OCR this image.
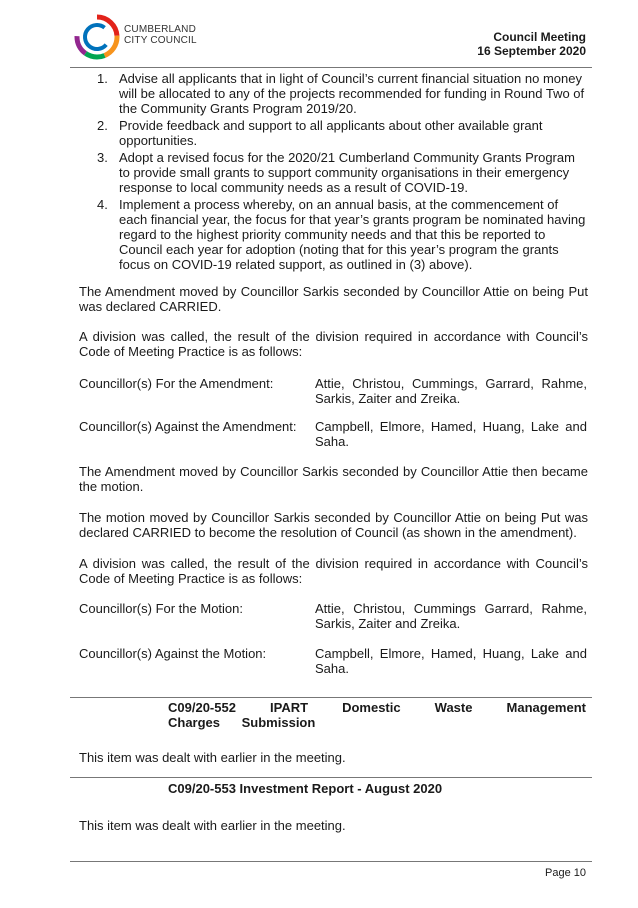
CUMBERLAND
CITY COUNCIL	Council Meeting
16 September 2020
1. Advise all applicants that in light of Council’s current financial situation no money will be allocated to any of the projects recommended for funding in Round Two of the Community Grants Program 2019/20.
2. Provide feedback and support to all applicants about other available grant opportunities.
3. Adopt a revised focus for the 2020/21 Cumberland Community Grants Program to provide small grants to support community organisations in their emergency response to local community needs as a result of COVID-19.
4. Implement a process whereby, on an annual basis, at the commencement of each financial year, the focus for that year’s grants program be nominated having regard to the highest priority community needs and that this be reported to Council each year for adoption (noting that for this year’s program the grants focus on COVID-19 related support, as outlined in (3) above).
The Amendment moved by Councillor Sarkis seconded by Councillor Attie on being Put was declared CARRIED.
A division was called, the result of the division required in accordance with Council’s Code of Meeting Practice is as follows:
Councillor(s) For the Amendment:	Attie, Christou, Cummings, Garrard, Rahme, Sarkis, Zaiter and Zreika.
Councillor(s) Against the Amendment: Campbell, Elmore, Hamed, Huang, Lake and Saha.
The Amendment moved by Councillor Sarkis seconded by Councillor Attie then became the motion.
The motion moved by Councillor Sarkis seconded by Councillor Attie on being Put was declared CARRIED to become the resolution of Council (as shown in the amendment).
A division was called, the result of the division required in accordance with Council’s Code of Meeting Practice is as follows:
Councillor(s) For the Motion:	Attie, Christou, Cummings Garrard, Rahme, Sarkis, Zaiter and Zreika.
Councillor(s) Against the Motion:	Campbell, Elmore, Hamed, Huang, Lake and Saha.
C09/20-552 IPART Domestic Waste Management Charges Submission
This item was dealt with earlier in the meeting.
C09/20-553 Investment Report - August 2020
This item was dealt with earlier in the meeting.
Page 10
